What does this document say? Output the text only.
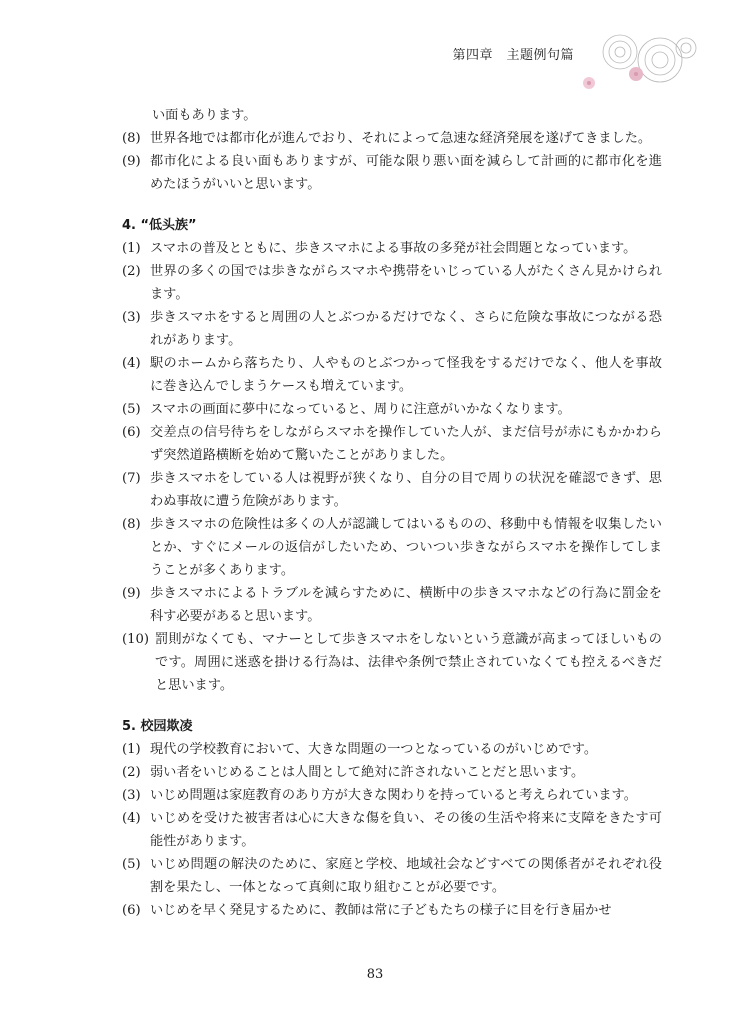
第四章　主题例句篇
い面もあります。
(8) 世界各地では都市化が進んでおり、それによって急速な経済発展を遂げてきました。
(9) 都市化による良い面もありますが、可能な限り悪い面を減らして計画的に都市化を進めたほうがいいと思います。
4. “低头族”
(1) スマホの普及とともに、歩きスマホによる事故の多発が社会問題となっています。
(2) 世界の多くの国では歩きながらスマホや携帯をいじっている人がたくさん見かけられます。
(3) 歩きスマホをすると周囲の人とぶつかるだけでなく、さらに危険な事故につながる恐れがあります。
(4) 駅のホームから落ちたり、人やものとぶつかって怪我をするだけでなく、他人を事故に巻き込んでしまうケースも増えています。
(5) スマホの画面に夢中になっていると、周りに注意がいかなくなります。
(6) 交差点の信号待ちをしながらスマホを操作していた人が、まだ信号が赤にもかかわらず突然道路横断を始めて驚いたことがありました。
(7) 歩きスマホをしている人は視野が狭くなり、自分の目で周りの状況を確認できず、思わぬ事故に遭う危険があります。
(8) 歩きスマホの危険性は多くの人が認識してはいるものの、移動中も情報を収集したいとか、すぐにメールの返信がしたいため、ついつい歩きながらスマホを操作してしまうことが多くあります。
(9) 歩きスマホによるトラブルを減らすために、横断中の歩きスマホなどの行為に罰金を科す必要があると思います。
(10) 罰則がなくても、マナーとして歩きスマホをしないという意識が高まってほしいものです。周囲に迷惑を掛ける行為は、法律や条例で禁止されていなくても控えるべきだと思います。
5. 校园欺凌
(1) 現代の学校教育において、大きな問題の一つとなっているのがいじめです。
(2) 弱い者をいじめることは人間として絶対に許されないことだと思います。
(3) いじめ問題は家庭教育のあり方が大きな関わりを持っていると考えられています。
(4) いじめを受けた被害者は心に大きな傷を負い、その後の生活や将来に支障をきたす可能性があります。
(5) いじめ問題の解決のために、家庭と学校、地域社会などすべての関係者がそれぞれ役割を果たし、一体となって真剣に取り組むことが必要です。
(6) いじめを早く発見するために、教師は常に子どもたちの様子に目を行き届かせ
83
